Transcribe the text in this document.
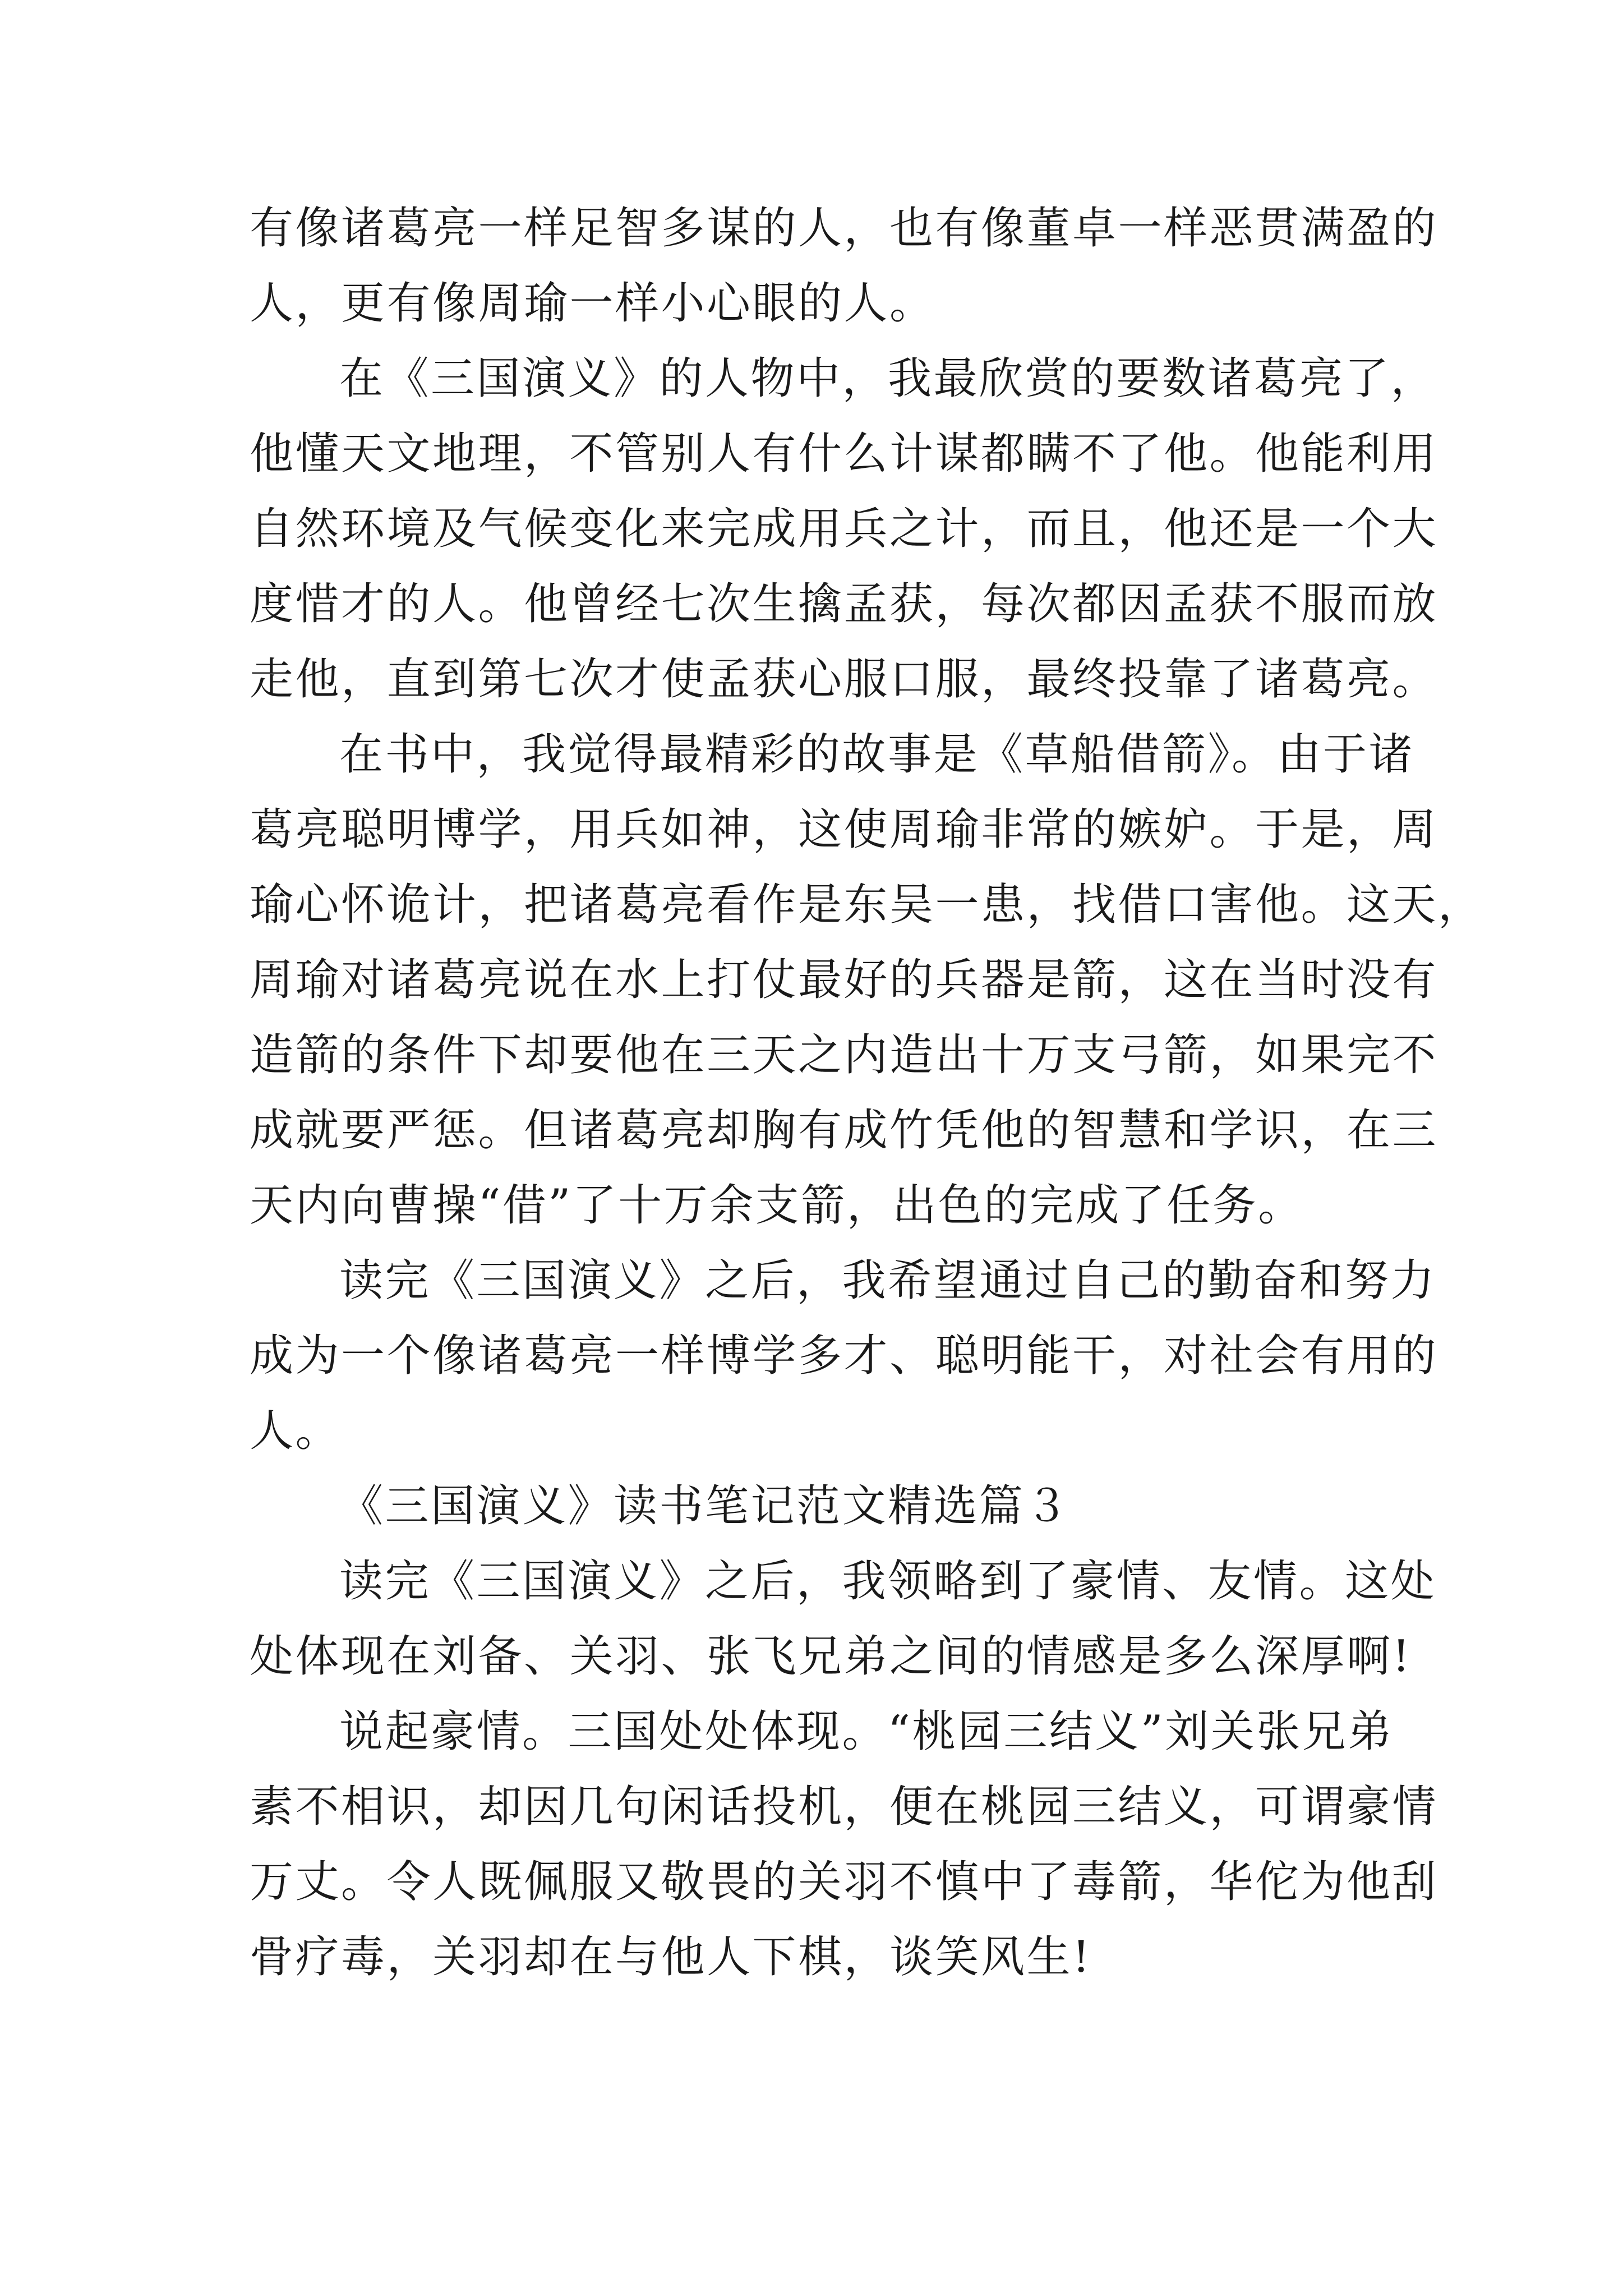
有像诸葛亮一样足智多谋的人，也有像董卓一样恶贯满盈的
人，更有像周瑜一样小心眼的人。
在《三国演义》的人物中，我最欣赏的要数诸葛亮了，
他懂天文地理，不管别人有什么计谋都瞒不了他。他能利用
自然环境及气候变化来完成用兵之计，而且，他还是一个大
度惜才的人。他曾经七次生擒孟获，每次都因孟获不服而放
走他，直到第七次才使孟获心服口服，最终投靠了诸葛亮。
在书中，我觉得最精彩的故事是《草船借箭》。由于诸
葛亮聪明博学，用兵如神，这使周瑜非常的嫉妒。于是，周
瑜心怀诡计，把诸葛亮看作是东吴一患，找借口害他。这天，
周瑜对诸葛亮说在水上打仗最好的兵器是箭，这在当时没有
造箭的条件下却要他在三天之内造出十万支弓箭，如果完不
成就要严惩。但诸葛亮却胸有成竹凭他的智慧和学识，在三
天内向曹操“借”了十万余支箭，出色的完成了任务。
读完《三国演义》之后，我希望通过自己的勤奋和努力
成为一个像诸葛亮一样博学多才、聪明能干，对社会有用的
人。
《三国演义》读书笔记范文精选篇３
读完《三国演义》之后，我领略到了豪情、友情。这处
处体现在刘备、关羽、张飞兄弟之间的情感是多么深厚啊!
说起豪情。三国处处体现。“桃园三结义”刘关张兄弟
素不相识，却因几句闲话投机，便在桃园三结义，可谓豪情
万丈。令人既佩服又敬畏的关羽不慎中了毒箭，华佗为他刮
骨疗毒，关羽却在与他人下棋，谈笑风生!
